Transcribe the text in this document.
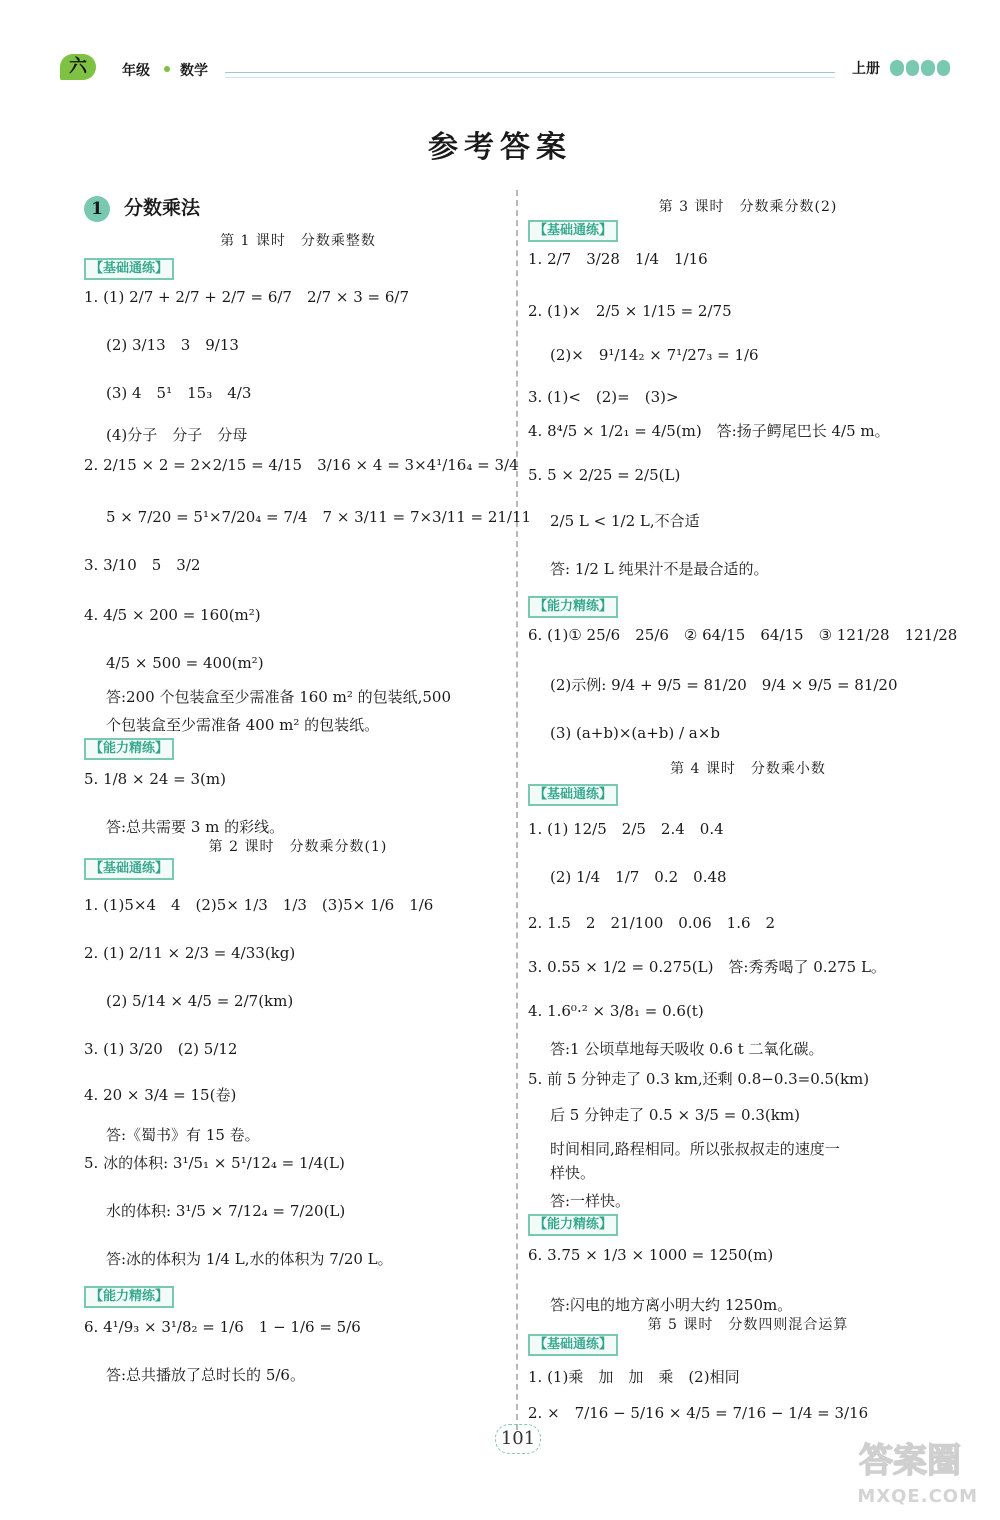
六	年级 数学	上册
参考答案
1 分数乘法
第 1 课时　分数乘整数
【基础通练】
1. (1) 2/7 + 2/7 + 2/7 = 6/7　2/7 × 3 = 6/7
(2) 3/13　3　9/13
(3) 4　5¹　15₃　4/3
(4)分子　分子　分母
2. 2/15 × 2 = 2×2/15 = 4/15　3/16 × 4 = 3×4¹/16₄ = 3/4
5 × 7/20 = 5¹×7/20₄ = 7/4　7 × 3/11 = 7×3/11 = 21/11
3. 3/10　5　3/2
4. 4/5 × 200 = 160(m²)
4/5 × 500 = 400(m²)
答:200 个包装盒至少需准备 160 m² 的包装纸,500
个包装盒至少需准备 400 m² 的包装纸。
【能力精练】
5. 1/8 × 24 = 3(m)
答:总共需要 3 m 的彩线。
第 2 课时　分数乘分数(1)
【基础通练】
1. (1)5×4　4　(2)5× 1/3　1/3　(3)5× 1/6　1/6
2. (1) 2/11 × 2/3 = 4/33(kg)
(2) 5/14 × 4/5 = 2/7(km)
3. (1) 3/20　(2) 5/12
4. 20 × 3/4 = 15(卷)
答:《蜀书》有 15 卷。
5. 冰的体积: 3¹/5₁ × 5¹/12₄ = 1/4(L)
水的体积: 3¹/5 × 7/12₄ = 7/20(L)
答:冰的体积为 1/4 L,水的体积为 7/20 L。
【能力精练】
6. 4¹/9₃ × 3¹/8₂ = 1/6　1 − 1/6 = 5/6
答:总共播放了总时长的 5/6。
第 3 课时　分数乘分数(2)
【基础通练】
1. 2/7　3/28　1/4　1/16
2. (1)×　2/5 × 1/15 = 2/75
(2)×　9¹/14₂ × 7¹/27₃ = 1/6
3. (1)<　(2)=　(3)>
4. 8⁴/5 × 1/2₁ = 4/5(m)　答:扬子鳄尾巴长 4/5 m。
5. 5 × 2/25 = 2/5(L)
2/5 L < 1/2 L,不合适
答: 1/2 L 纯果汁不是最合适的。
【能力精练】
6. (1)① 25/6　25/6　② 64/15　64/15　③ 121/28　121/28
(2)示例: 9/4 + 9/5 = 81/20　9/4 × 9/5 = 81/20
(3) (a+b)×(a+b) / a×b
第 4 课时　分数乘小数
【基础通练】
1. (1) 12/5　2/5　2.4　0.4
(2) 1/4　1/7　0.2　0.48
2. 1.5　2　21/100　0.06　1.6　2
3. 0.55 × 1/2 = 0.275(L)　答:秀秀喝了 0.275 L。
4. 1.6⁰·² × 3/8₁ = 0.6(t)
答:1 公顷草地每天吸收 0.6 t 二氧化碳。
5. 前 5 分钟走了 0.3 km,还剩 0.8−0.3=0.5(km)
后 5 分钟走了 0.5 × 3/5 = 0.3(km)
时间相同,路程相同。所以张叔叔走的速度一
样快。
答:一样快。
【能力精练】
6. 3.75 × 1/3 × 1000 = 1250(m)
答:闪电的地方离小明大约 1250m。
第 5 课时　分数四则混合运算
【基础通练】
1. (1)乘　加　加　乘　(2)相同
2. ×　7/16 − 5/16 × 4/5 = 7/16 − 1/4 = 3/16
101
答案圈
MXQE.COM
